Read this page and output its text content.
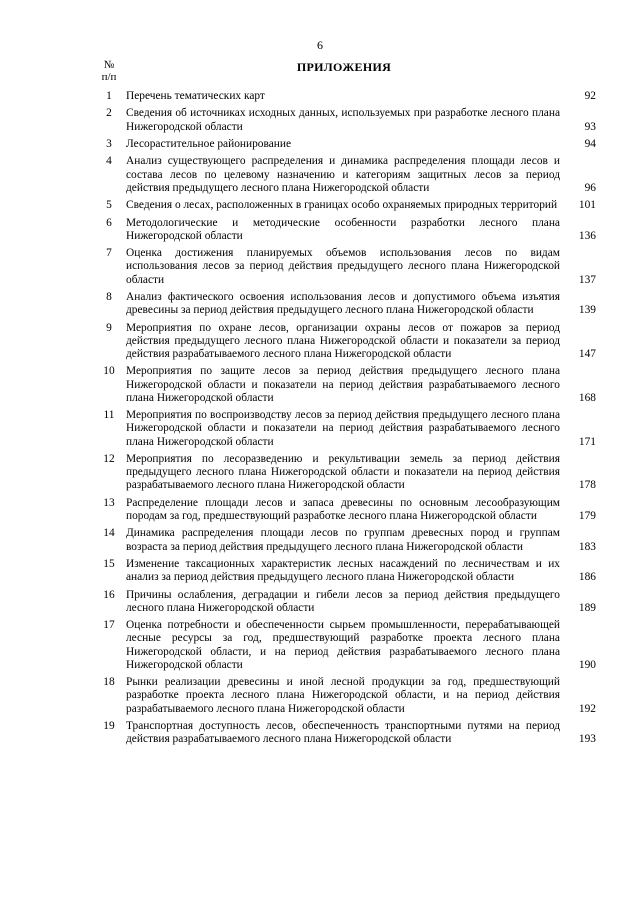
6
№
п/п
ПРИЛОЖЕНИЯ
1	Перечень тематических карт	92
2	Сведения об источниках исходных данных, используемых при разработке лесного плана Нижегородской области	93
3	Лесорастительное районирование	94
4	Анализ существующего распределения и динамика распределения площади лесов и состава лесов по целевому назначению и категориям защитных лесов за период действия предыдущего лесного плана Нижегородской области	96
5	Сведения о лесах, расположенных в границах особо охраняемых природных территорий	101
6	Методологические и методические особенности разработки лесного плана Нижегородской области	136
7	Оценка достижения планируемых объемов использования лесов по видам использования лесов за период действия предыдущего лесного плана Нижегородской области	137
8	Анализ фактического освоения использования лесов и допустимого объема изъятия древесины за период действия предыдущего лесного плана Нижегородской области	139
9	Мероприятия по охране лесов, организации охраны лесов от пожаров за период действия предыдущего лесного плана Нижегородской области и показатели за период действия разрабатываемого лесного плана Нижегородской области	147
10 Мероприятия по защите лесов за период действия предыдущего лесного плана Нижегородской области и показатели на период действия разрабатываемого лесного плана Нижегородской области	168
11	Мероприятия по воспроизводству лесов за период действия предыдущего лесного плана Нижегородской области и показатели на период действия разрабатываемого лесного плана Нижегородской области	171
12 Мероприятия по лесоразведению и рекультивации земель за период действия предыдущего лесного плана Нижегородской области и показатели на период действия разрабатываемого лесного плана Нижегородской области	178
13 Распределение площади лесов и запаса древесины по основным лесообразующим породам за год, предшествующий разработке лесного плана Нижегородской области	179
14 Динамика распределения площади лесов по группам древесных пород и группам возраста за период действия предыдущего лесного плана Нижегородской области	183
15 Изменение таксационных характеристик лесных насаждений по лесничествам и их анализ за период действия предыдущего лесного плана Нижегородской области	186
16 Причины ослабления, деградации и гибели лесов за период действия предыдущего лесного плана Нижегородской области	189
17 Оценка потребности и обеспеченности сырьем промышленности, перерабатывающей лесные ресурсы за год, предшествующий разработке проекта лесного плана Нижегородской области, и на период действия разрабатываемого лесного плана Нижегородской области	190
18 Рынки реализации древесины и иной лесной продукции за год, предшествующий разработке проекта лесного плана Нижегородской области, и на период действия разрабатываемого лесного плана Нижегородской области	192
19 Транспортная доступность лесов, обеспеченность транспортными путями на период действия разрабатываемого лесного плана Нижегородской области	193
